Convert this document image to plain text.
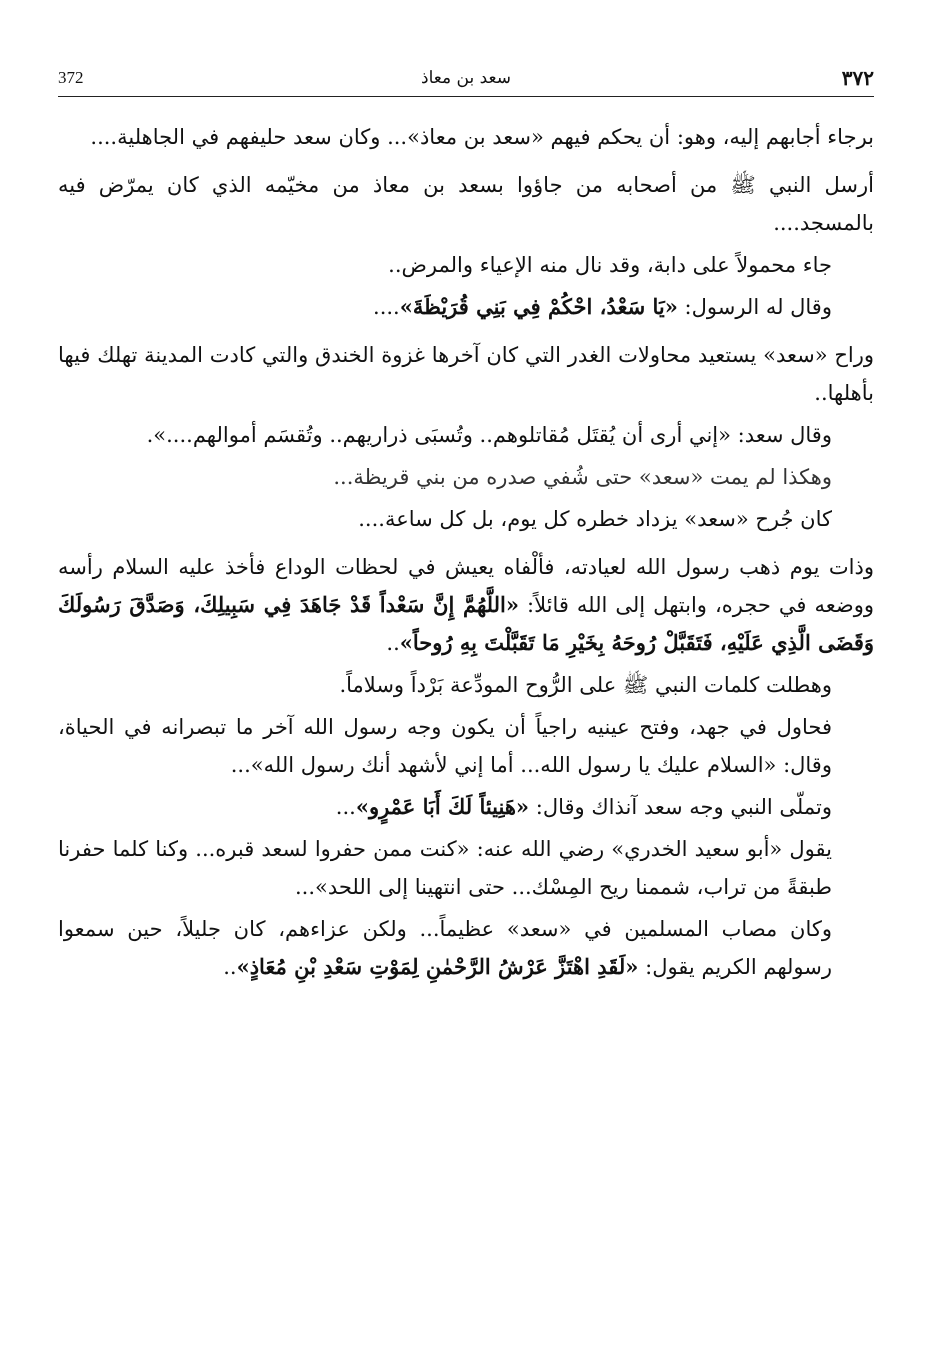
372	سعد بن معاذ	٣٧٢

برجاء أجابهم إليه، وهو: أن يحكم فيهم «سعد بن معاذ»... وكان سعد حليفهم في الجاهلية....

أرسل النبي ﷺ من أصحابه من جاؤوا بسعد بن معاذ من مخيّمه الذي كان يمرّض فيه بالمسجد....

جاء محمولاً على دابة، وقد نال منه الإعياء والمرض..

وقال له الرسول: «يَا سَعْدُ، احْكُمْ فِي بَنِي قُرَيْظَةَ»....

وراح «سعد» يستعيد محاولات الغدر التي كان آخرها غزوة الخندق والتي كادت المدينة تهلك فيها بأهلها..

وقال سعد: «إني أرى أن يُقتَل مُقاتلوهم.. وتُسبَى ذراريهم.. وتُقسَم أموالهم....».

وهكذا لم يمت «سعد» حتى شُفي صدره من بني قريظة...

كان جُرح «سعد» يزداد خطره كل يوم، بل كل ساعة....

وذات يوم ذهب رسول الله لعيادته، فألْفاه يعيش في لحظات الوداع فأخذ عليه السلام رأسه ووضعه في حجره، وابتهل إلى الله قائلاً: «اللَّهُمَّ إِنَّ سَعْداً قَدْ جَاهَدَ فِي سَبِيلِكَ، وَصَدَّقَ رَسُولَكَ وَقَضَى الَّذِي عَلَيْهِ، فَتَقَبَّلْ رُوحَهُ بِخَيْرِ مَا تَقَبَّلْتَ بِهِ رُوحاً»..

وهطلت كلمات النبي ﷺ على الرُّوح المودِّعة بَرْداً وسلاماً.

فحاول في جهد، وفتح عينيه راجياً أن يكون وجه رسول الله آخر ما تبصرانه في الحياة، وقال: «السلام عليك يا رسول الله... أما إني لأشهد أنك رسول الله»...

وتملّى النبي وجه سعد آنذاك وقال: «هَنِيئاً لَكَ أَبَا عَمْرٍو»...

يقول «أبو سعيد الخدري» رضي الله عنه: «كنت ممن حفروا لسعد قبره... وكنا كلما حفرنا طبقةً من تراب، شممنا ريح المِسْك... حتى انتهينا إلى اللحد»...

وكان مصاب المسلمين في «سعد» عظيماً... ولكن عزاءهم، كان جليلاً، حين سمعوا رسولهم الكريم يقول: «لَقَدِ اهْتَزَّ عَرْشُ الرَّحْمٰنِ لِمَوْتِ سَعْدِ بْنِ مُعَاذٍ»..
